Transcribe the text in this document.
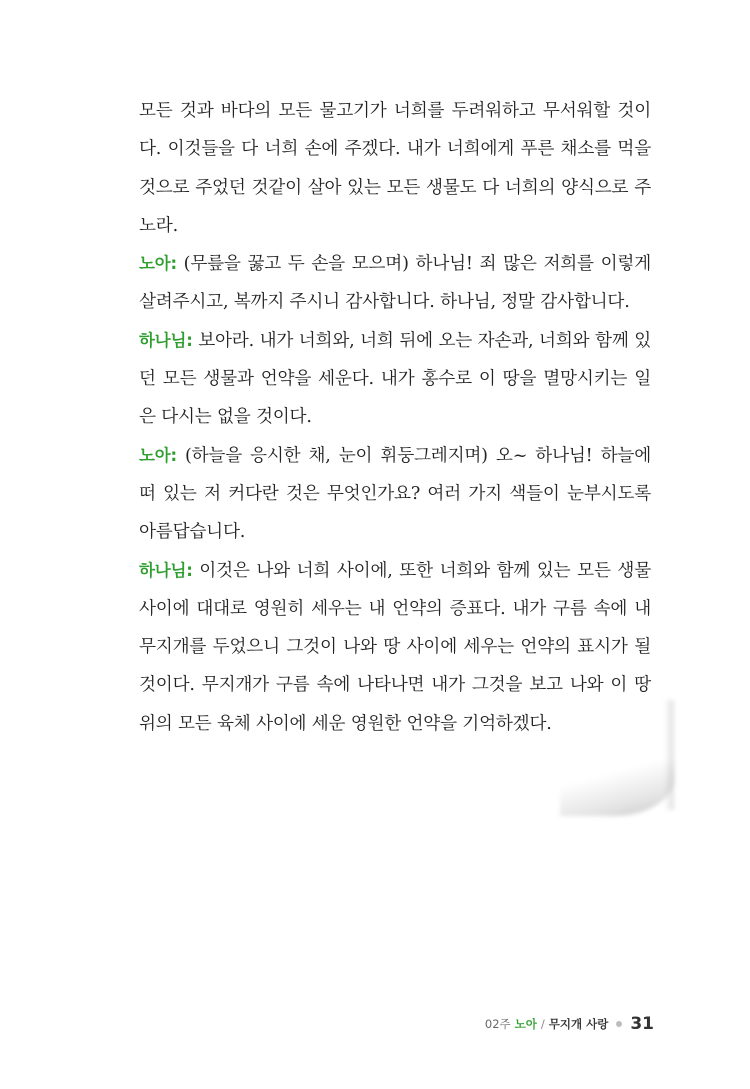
모든 것과 바다의 모든 물고기가 너희를 두려워하고 무서워할 것이다. 이것들을 다 너희 손에 주겠다. 내가 너희에게 푸른 채소를 먹을 것으로 주었던 것같이 살아 있는 모든 생물도 다 너희의 양식으로 주노라.

노아: (무릎을 꿇고 두 손을 모으며) 하나님! 죄 많은 저희를 이렇게 살려주시고, 복까지 주시니 감사합니다. 하나님, 정말 감사합니다.

하나님: 보아라. 내가 너희와, 너희 뒤에 오는 자손과, 너희와 함께 있던 모든 생물과 언약을 세운다. 내가 홍수로 이 땅을 멸망시키는 일은 다시는 없을 것이다.

노아: (하늘을 응시한 채, 눈이 휘둥그레지며) 오~ 하나님! 하늘에 떠 있는 저 커다란 것은 무엇인가요? 여러 가지 색들이 눈부시도록 아름답습니다.

하나님: 이것은 나와 너희 사이에, 또한 너희와 함께 있는 모든 생물 사이에 대대로 영원히 세우는 내 언약의 증표다. 내가 구름 속에 내 무지개를 두었으니 그것이 나와 땅 사이에 세우는 언약의 표시가 될 것이다. 무지개가 구름 속에 나타나면 내가 그것을 보고 나와 이 땅 위의 모든 육체 사이에 세운 영원한 언약을 기억하겠다.

02주 노아 / 무지개 사랑 31
